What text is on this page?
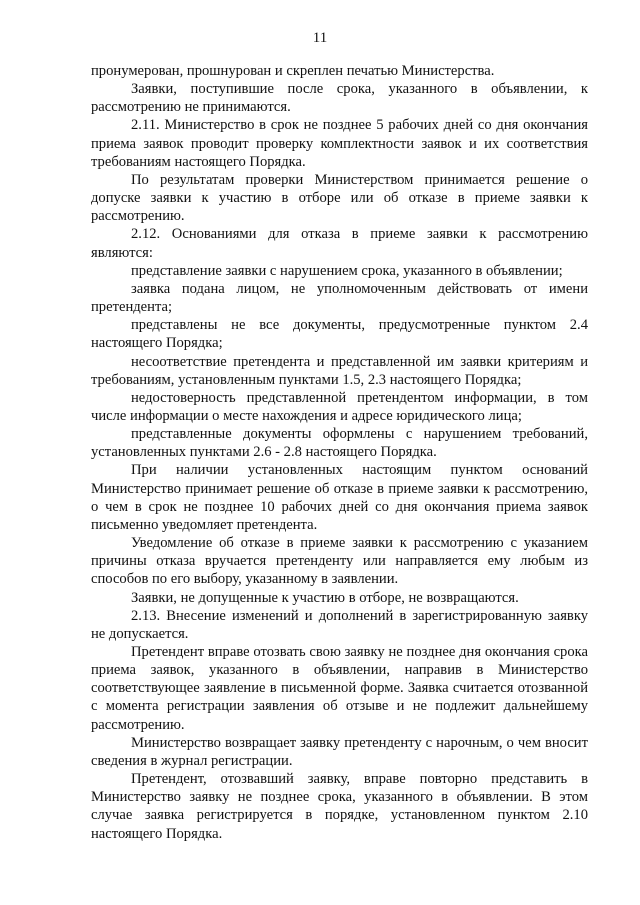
11

пронумерован, прошнурован и скреплен печатью Министерства.

Заявки, поступившие после срока, указанного в объявлении, к рассмотрению не принимаются.

2.11. Министерство в срок не позднее 5 рабочих дней со дня окончания приема заявок проводит проверку комплектности заявок и их соответствия требованиям настоящего Порядка.

По результатам проверки Министерством принимается решение о допуске заявки к участию в отборе или об отказе в приеме заявки к рассмотрению.

2.12. Основаниями для отказа в приеме заявки к рассмотрению являются:

представление заявки с нарушением срока, указанного в объявлении;

заявка подана лицом, не уполномоченным действовать от имени претендента;

представлены не все документы, предусмотренные пунктом 2.4 настоящего Порядка;

несоответствие претендента и представленной им заявки критериям и требованиям, установленным пунктами 1.5, 2.3 настоящего Порядка;

недостоверность представленной претендентом информации, в том числе информации о месте нахождения и адресе юридического лица;

представленные документы оформлены с нарушением требований, установленных пунктами 2.6 - 2.8 настоящего Порядка.

При наличии установленных настоящим пунктом оснований Министерство принимает решение об отказе в приеме заявки к рассмотрению, о чем в срок не позднее 10 рабочих дней со дня окончания приема заявок письменно уведомляет претендента.

Уведомление об отказе в приеме заявки к рассмотрению с указанием причины отказа вручается претенденту или направляется ему любым из способов по его выбору, указанному в заявлении.

Заявки, не допущенные к участию в отборе, не возвращаются.

2.13. Внесение изменений и дополнений в зарегистрированную заявку не допускается.

Претендент вправе отозвать свою заявку не позднее дня окончания срока приема заявок, указанного в объявлении, направив в Министерство соответствующее заявление в письменной форме. Заявка считается отозванной с момента регистрации заявления об отзыве и не подлежит дальнейшему рассмотрению.

Министерство возвращает заявку претенденту с нарочным, о чем вносит сведения в журнал регистрации.

Претендент, отозвавший заявку, вправе повторно представить в Министерство заявку не позднее срока, указанного в объявлении. В этом случае заявка регистрируется в порядке, установленном пунктом 2.10 настоящего Порядка.
